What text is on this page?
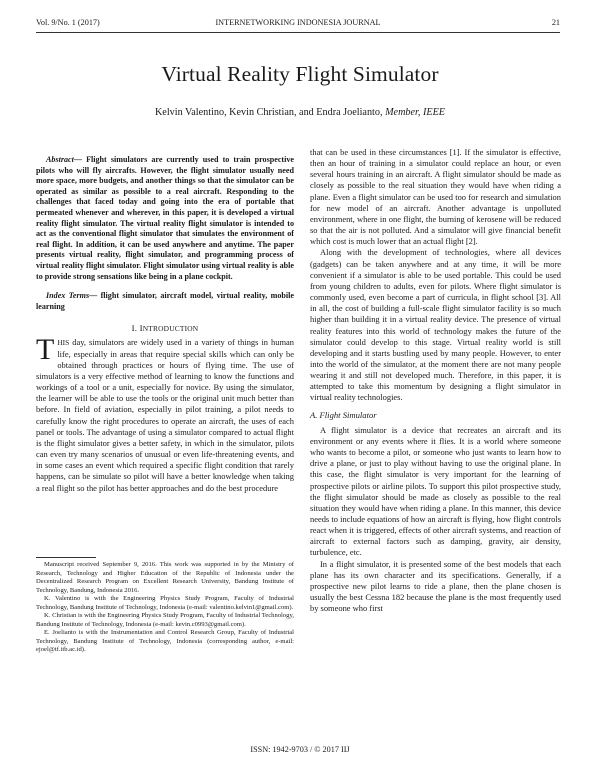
Vol. 9/No. 1 (2017)	INTERNETWORKING INDONESIA JOURNAL	21
Virtual Reality Flight Simulator
Kelvin Valentino, Kevin Christian, and Endra Joelianto, Member, IEEE

Abstract— Flight simulators are currently used to train prospective pilots who will fly aircrafts. However, the flight simulator usually need more space, more budgets, and another things so that the simulator can be operated as similar as possible to a real aircraft. Responding to the challenges that faced today and going into the era of portable that permeated whenever and wherever, in this paper, it is developed a virtual reality flight simulator. The virtual reality flight simulator is intended to act as the conventional flight simulator that simulates the environment of real flight. In addition, it can be used anywhere and anytime. The paper presents virtual reality, flight simulator, and programming process of virtual reality flight simulator. Flight simulator using virtual reality is able to provide strong sensations like being in a plane cockpit.

Index Terms— flight simulator, aircraft model, virtual reality, mobile learning

I. INTRODUCTION

THIS day, simulators are widely used in a variety of things in human life, especially in areas that require special skills which can only be obtained through practices or hours of flying time. The use of simulators is a very effective method of learning to know the functions and workings of a tool or a unit, especially for novice. By using the simulator, the learner will be able to use the tools or the original unit much better than before. In field of aviation, especially in pilot training, a pilot needs to carefully know the right procedures to operate an aircraft, the uses of each panel or tools. The advantage of using a simulator compared to actual flight is the flight simulator gives a better safety, in which in the simulator, pilots can even try many scenarios of unusual or even life-threatening events, and in some cases an event which required a specific flight condition that rarely happens, can be simulate so pilot will have a better knowledge when taking a real flight so the pilot has better approaches and do the best procedure

that can be used in these circumstances [1]. If the simulator is effective, then an hour of training in a simulator could replace an hour, or even several hours training in an aircraft. A flight simulator should be made as closely as possible to the real situation they would have when riding a plane. Even a flight simulator can be used too for research and simulation for new model of an aircraft. Another advantage is unpolluted environment, where in one flight, the burning of kerosene will be reduced so that the air is not polluted. And a simulator will give financial benefit which cost is much lower that an actual flight [2].

Along with the development of technologies, where all devices (gadgets) can be taken anywhere and at any time, it will be more convenient if a simulator is able to be used portable. This could be used from young children to adults, even for pilots. Where flight simulator is commonly used, even become a part of curricula, in flight school [3]. All in all, the cost of building a full-scale flight simulator facility is so much higher than building it in a virtual reality device. The presence of virtual reality features into this world of technology makes the future of the simulator could develop to this stage. Virtual reality world is still developing and it starts bustling used by many people. However, to enter into the world of the simulator, at the moment there are not many people wearing it and still not developed much. Therefore, in this paper, it is attempted to take this momentum by designing a flight simulator in virtual reality technologies.

A. Flight Simulator

A flight simulator is a device that recreates an aircraft and its environment or any events where it flies. It is a world where someone who wants to become a pilot, or someone who just wants to learn how to drive a plane, or just to play without having to use the original plane. In this case, the flight simulator is very important for the learning of prospective pilots or airline pilots. To support this pilot prospective study, the flight simulator should be made as closely as possible to the real situation they would have when riding a plane. In this manner, this device needs to include equations of how an aircraft is flying, how flight controls react when it is triggered, effects of other aircraft systems, and reaction of aircraft to external factors such as damping, gravity, air density, turbulence, etc.

In a flight simulator, it is presented some of the best models that each plane has its own character and its specifications. Generally, if a prospective new pilot learns to ride a plane, then the plane chosen is usually the best Cessna 182 because the plane is the most frequently used by someone who first

Manuscript received September 9, 2016. This work was supported in by the Ministry of Research, Technology and Higher Education of the Republic of Indonesia under the Decentralized Research Program on Excellent Research University, Bandung Institute of Technology, Bandung, Indonesia 2016.

K. Valentino is with the Engineering Physics Study Program, Faculty of Industrial Technology, Bandung Institute of Technology, Indonesia (e-mail: valentino.kelvin1@gmail.com).

K. Christian is with the Engineering Physics Study Program, Faculty of Industrial Technology, Bandung Institute of Technology, Indonesia (e-mail: kevin.c0993@gmail.com).

E. Joelianto is with the Instrumentation and Control Research Group, Faculty of Industrial Technology, Bandung Institute of Technology, Indonesia (corresponding author, e-mail: ejoel@tf.itb.ac.id).

ISSN: 1942-9703 / © 2017 IIJ
